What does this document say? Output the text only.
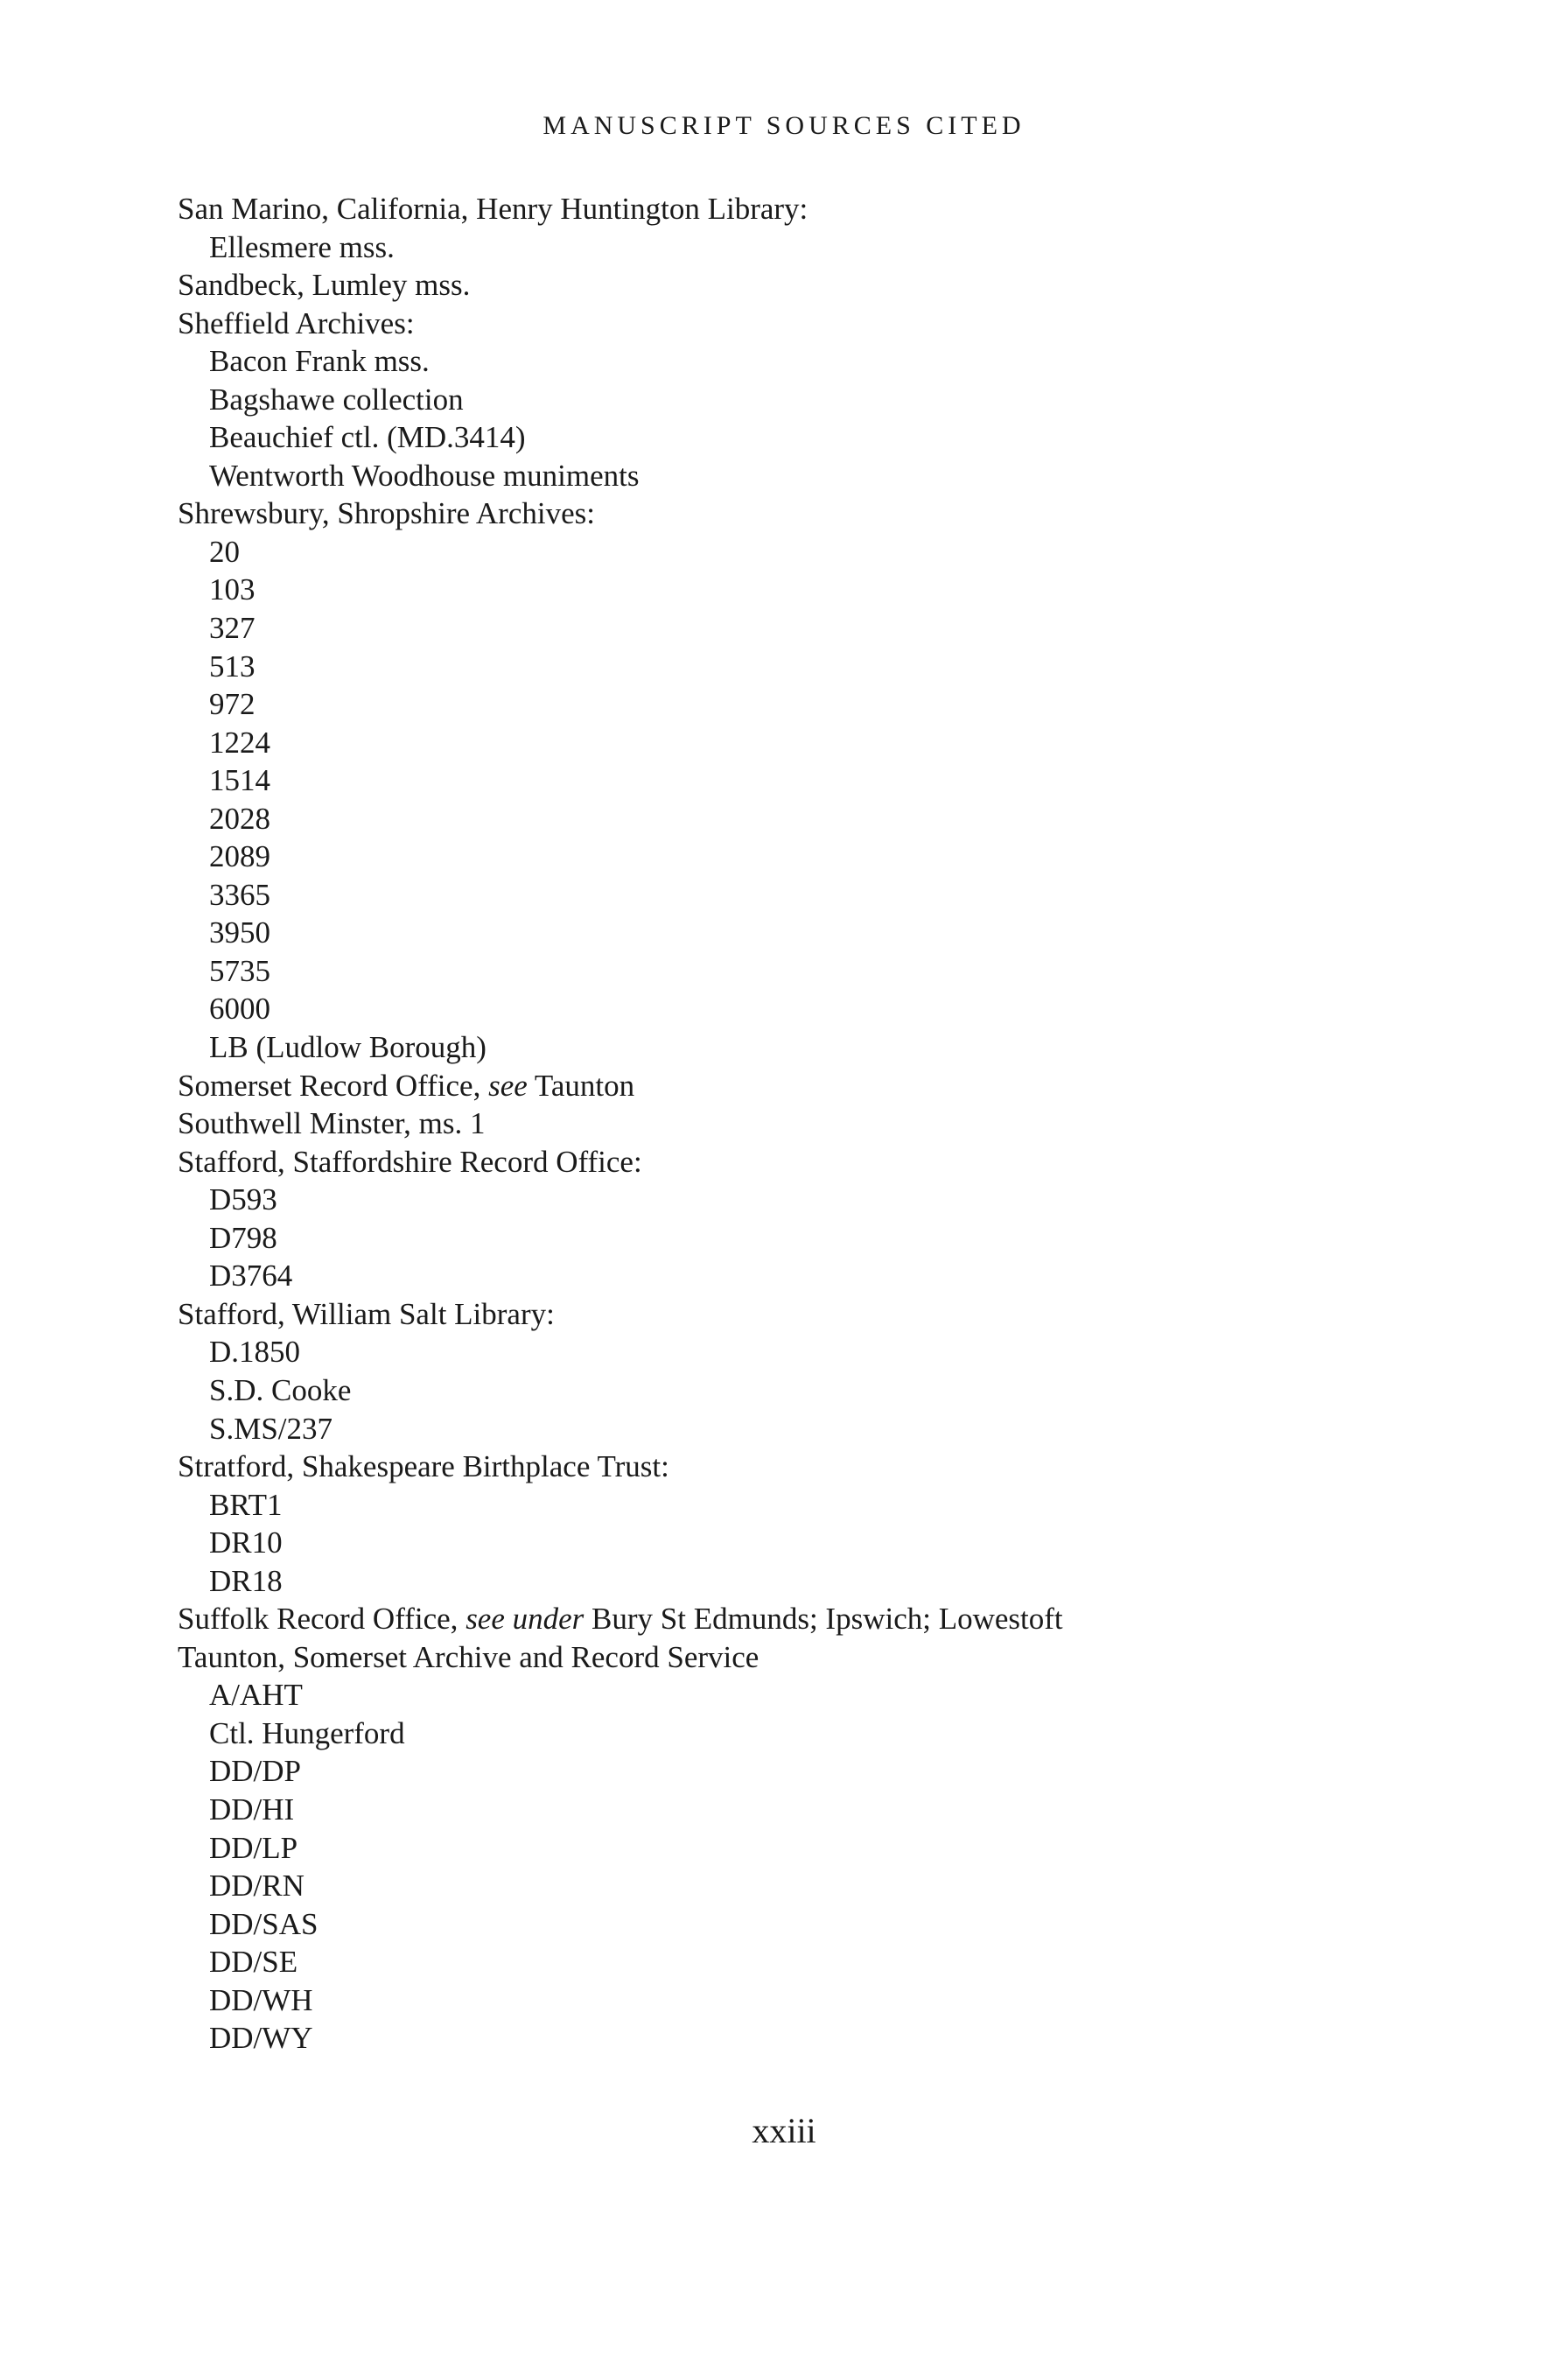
MANUSCRIPT SOURCES CITED
San Marino, California, Henry Huntington Library:
Ellesmere mss.
Sandbeck, Lumley mss.
Sheffield Archives:
Bacon Frank mss.
Bagshawe collection
Beauchief ctl. (MD.3414)
Wentworth Woodhouse muniments
Shrewsbury, Shropshire Archives:
20
103
327
513
972
1224
1514
2028
2089
3365
3950
5735
6000
LB (Ludlow Borough)
Somerset Record Office, see Taunton
Southwell Minster, ms. 1
Stafford, Staffordshire Record Office:
D593
D798
D3764
Stafford, William Salt Library:
D.1850
S.D. Cooke
S.MS/237
Stratford, Shakespeare Birthplace Trust:
BRT1
DR10
DR18
Suffolk Record Office, see under Bury St Edmunds; Ipswich; Lowestoft
Taunton, Somerset Archive and Record Service
A/AHT
Ctl. Hungerford
DD/DP
DD/HI
DD/LP
DD/RN
DD/SAS
DD/SE
DD/WH
DD/WY
xxiii
